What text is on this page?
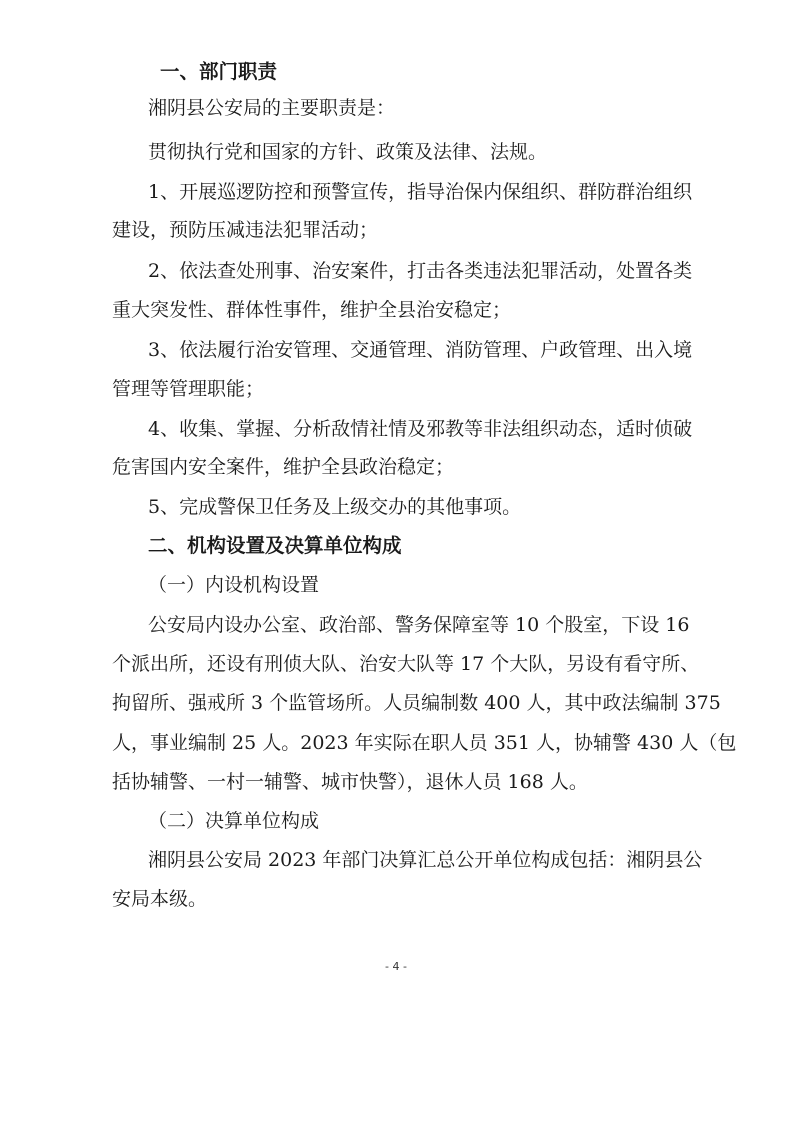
一、部门职责
湘阴县公安局的主要职责是：
贯彻执行党和国家的方针、政策及法律、法规。
1、开展巡逻防控和预警宣传，指导治保内保组织、群防群治组织
建设，预防压减违法犯罪活动；
2、依法查处刑事、治安案件，打击各类违法犯罪活动，处置各类
重大突发性、群体性事件，维护全县治安稳定；
3、依法履行治安管理、交通管理、消防管理、户政管理、出入境
管理等管理职能；
4、收集、掌握、分析敌情社情及邪教等非法组织动态，适时侦破
危害国内安全案件，维护全县政治稳定；
5、完成警保卫任务及上级交办的其他事项。
二、机构设置及决算单位构成
（一）内设机构设置
公安局内设办公室、政治部、警务保障室等 10 个股室，下设 16
个派出所，还设有刑侦大队、治安大队等 17 个大队，另设有看守所、
拘留所、强戒所 3 个监管场所。人员编制数 400 人，其中政法编制 375
人，事业编制 25 人。2023 年实际在职人员 351 人，协辅警 430 人（包
括协辅警、一村一辅警、城市快警），退休人员 168 人。
（二）决算单位构成
湘阴县公安局 2023 年部门决算汇总公开单位构成包括：湘阴县公
安局本级。
- 4 -
